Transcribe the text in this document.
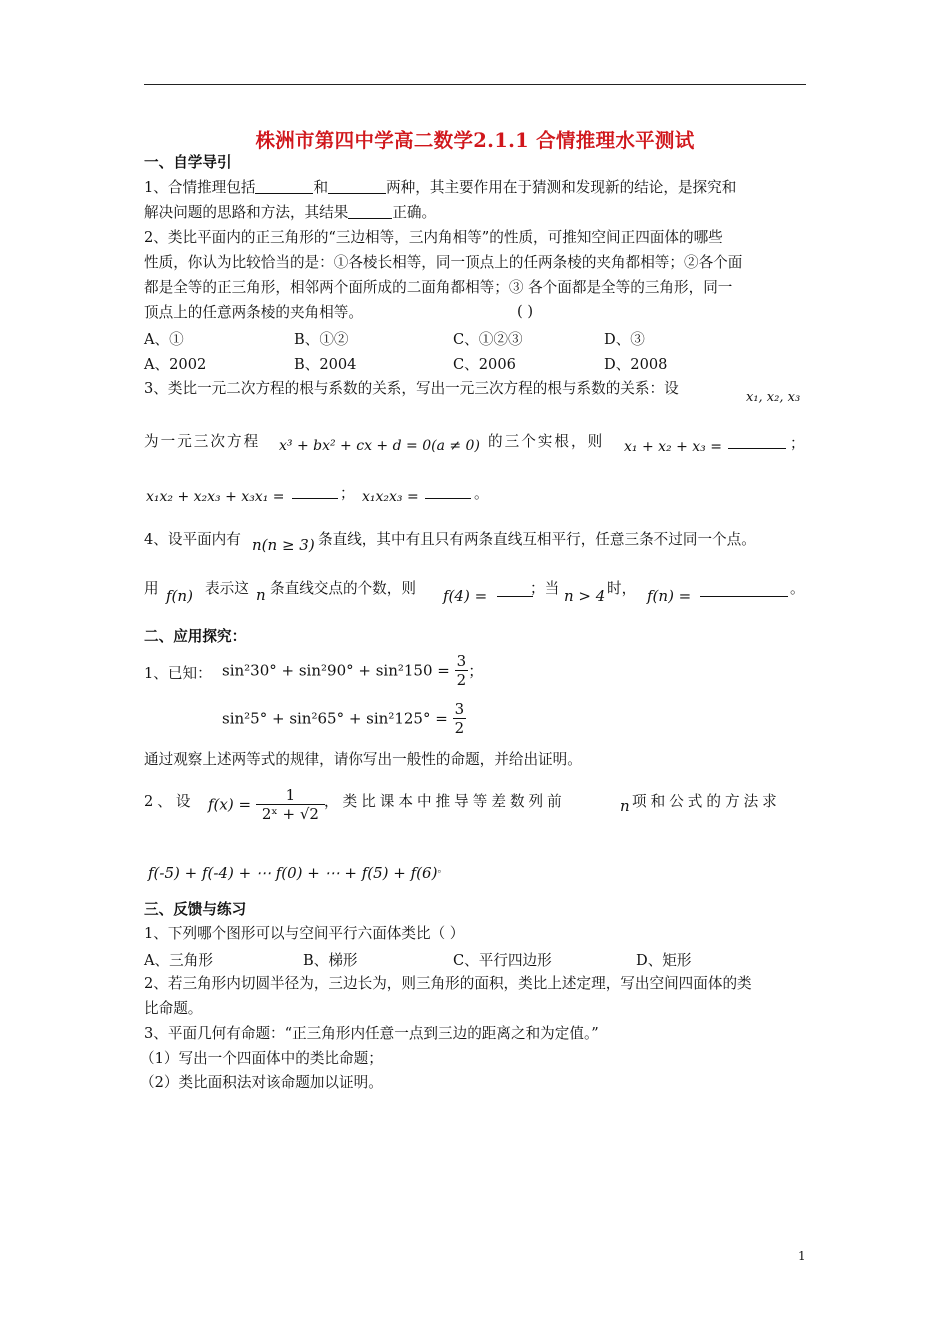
株洲市第四中学高二数学2.1.1 合情推理水平测试
一、自学导引
1、合情推理包括	和	两种，其主要作用在于猜测和发现新的结论，是探究和
解决问题的思路和方法，其结果	正确。
2、类比平面内的正三角形的“三边相等，三内角相等”的性质，可推知空间正四面体的哪些
性质，你认为比较恰当的是：①各棱长相等，同一顶点上的任两条棱的夹角都相等；②各个面
都是全等的正三角形，相邻两个面所成的二面角都相等；③ 各个面都是全等的三角形，同一
顶点上的任意两条棱的夹角相等。	( )
A、①	B、①②	C、①②③	D、③
A、2002	B、2004	C、2006	D、2008
3、类比一元二次方程的根与系数的关系，写出一元三次方程的根与系数的关系：设
x₁, x₂, x₃
为一元三次方程 x³ + bx² + cx + d = 0(a ≠ 0) 的三个实根，则 x₁ + x₂ + x₃ =	；
x₁x₂ + x₂x₃ + x₃x₁ =	； x₁x₂x₃ =	。
4、设平面内有 n(n ≥ 3) 条直线，其中有且只有两条直线互相平行，任意三条不过同一个点。
用 f(n) 表示这 n 条直线交点的个数，则 f(4) =	；当 n > 4 时， f(n) =	。
二、应用探究：
1、已知： $\sin^230^\circ + \sin^290^\circ + \sin^2150 = \frac{3}{2}$ ；
$\sin^25^\circ + \sin^265^\circ + \sin^2125^\circ = \frac{3}{2}$
通过观察上述两等式的规律，请你写出一般性的命题，并给出证明。
2、设 $f(x) = \frac{1}{\text{2ˣ + √2}}$ ，类比课本中推导等差数列前	n 项和公式的方法求
f(-5) + f(-4) + ⋯ f(0) + ⋯ + f(5) + f(6)。
三、反馈与练习
1、下列哪个图形可以与空间平行六面体类比（ ）
A、三角形	B、梯形	C、平行四边形	D、矩形
2、若三角形内切圆半径为，三边长为，则三角形的面积，类比上述定理，写出空间四面体的类
比命题。
3、平面几何有命题：“正三角形内任意一点到三边的距离之和为定值。”
（1）写出一个四面体中的类比命题；
（2）类比面积法对该命题加以证明。
1
